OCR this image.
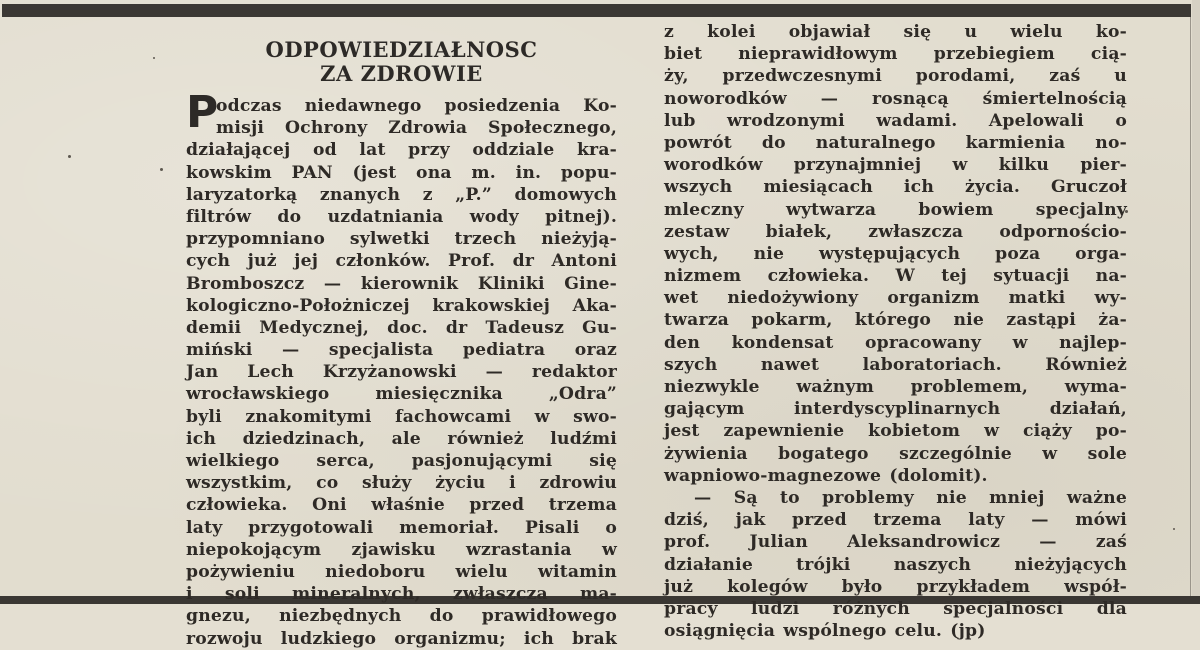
ODPOWIEDZIAŁNOSC
ZA ZDROWIE
P
odczas niedawnego posiedzenia Ko-
misji Ochrony Zdrowia Społecznego,
działającej od lat przy oddziale kra-
kowskim PAN (jest ona m. in. popu-
laryzatorką znanych z „P.” domowych
filtrów do uzdatniania wody pitnej).
przypomniano sylwetki trzech nieżyją-
cych już jej członków. Prof. dr Antoni
Bromboszcz — kierownik Kliniki Gine-
kologiczno-Położniczej krakowskiej Aka-
demii Medycznej, doc. dr Tadeusz Gu-
miński — specjalista pediatra oraz
Jan Lech Krzyżanowski — redaktor
wrocławskiego miesięcznika „Odra”
byli znakomitymi fachowcami w swo-
ich dziedzinach, ale również ludźmi
wielkiego serca, pasjonującymi się
wszystkim, co służy życiu i zdrowiu
człowieka. Oni właśnie przed trzema
laty przygotowali memoriał. Pisali o
niepokojącym zjawisku wzrastania w
pożywieniu niedoboru wielu witamin
i soli mineralnych, zwłaszcza ma-
gnezu, niezbędnych do prawidłowego
rozwoju ludzkiego organizmu; ich brak
z kolei objawiał się u wielu ko-
biet nieprawidłowym przebiegiem cią-
ży, przedwczesnymi porodami, zaś u
noworodków — rosnącą śmiertelnością
lub wrodzonymi wadami. Apelowali o
powrót do naturalnego karmienia no-
worodków przynajmniej w kilku pier-
wszych miesiącach ich życia. Gruczoł
mleczny wytwarza bowiem specjalny
zestaw białek, zwłaszcza odpornościo-
wych, nie występujących poza orga-
nizmem człowieka. W tej sytuacji na-
wet niedożywiony organizm matki wy-
twarza pokarm, którego nie zastąpi ża-
den kondensat opracowany w najlep-
szych nawet laboratoriach. Również
niezwykle ważnym problemem, wyma-
gającym interdyscyplinarnych działań,
jest zapewnienie kobietom w ciąży po-
żywienia bogatego szczególnie w sole
wapniowo-magnezowe (dolomit).
— Są to problemy nie mniej ważne
dziś, jak przed trzema laty — mówi
prof. Julian Aleksandrowicz — zaś
działanie trójki naszych nieżyjących
już kolegów było przykładem współ-
pracy ludzi różnych specjalności dla
osiągnięcia wspólnego celu. (jp)
